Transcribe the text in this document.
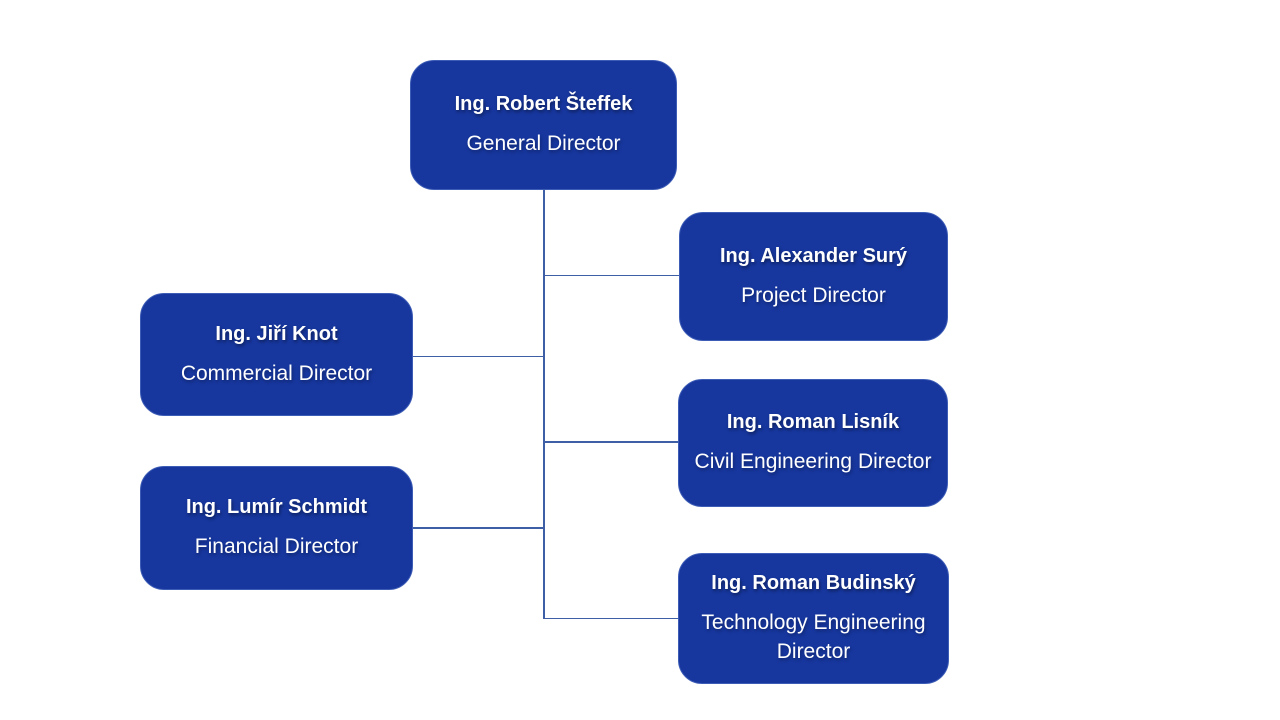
Ing. Robert Šteffek
General Director
Ing. Jiří Knot
Commercial Director
Ing. Lumír Schmidt
Financial Director
Ing. Alexander Surý
Project Director
Ing. Roman Lisník
Civil Engineering Director
Ing. Roman Budinský
Technology Engineering Director
